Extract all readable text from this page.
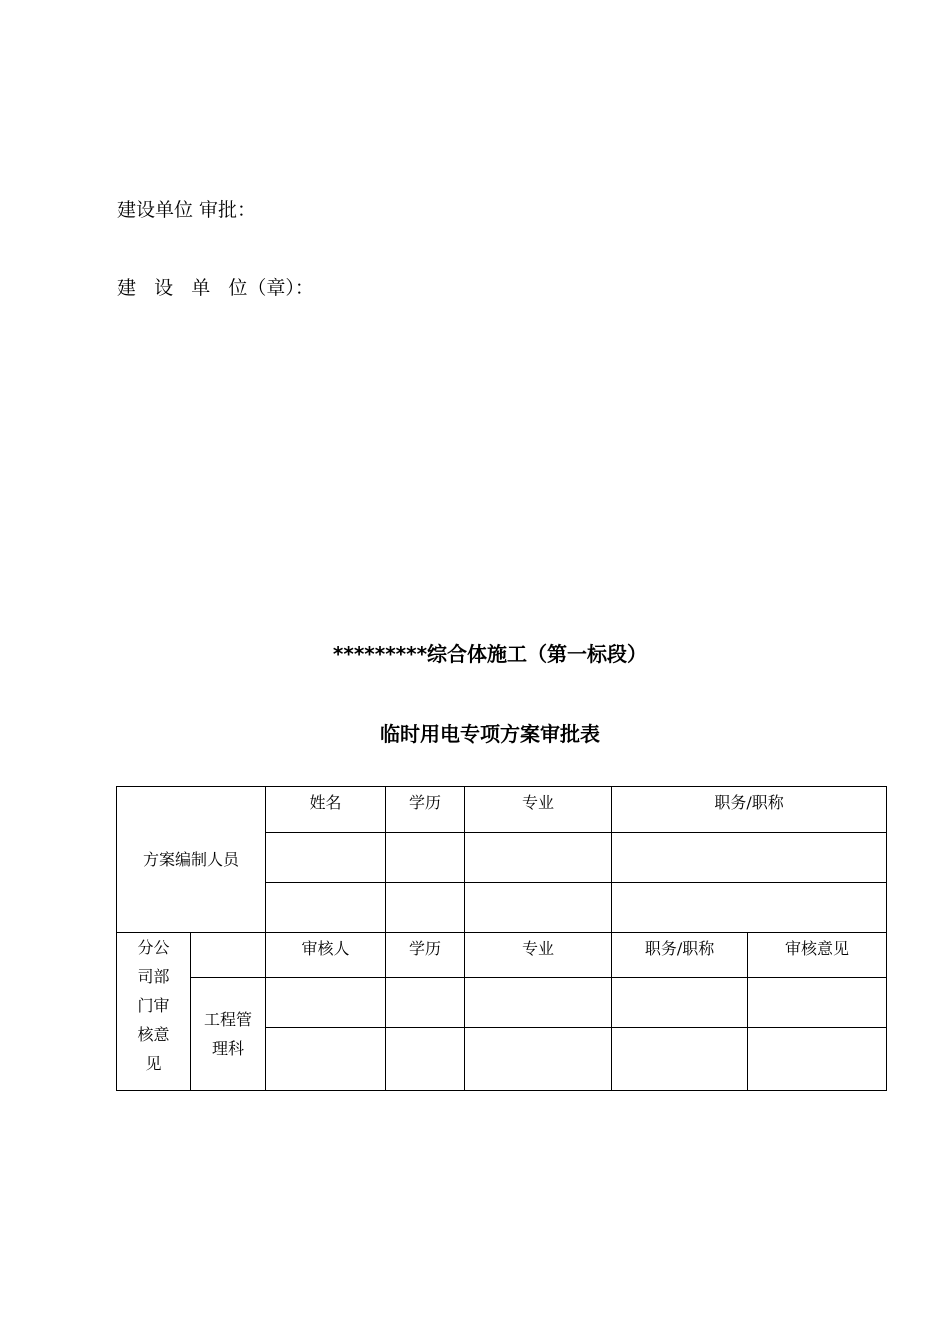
建设单位 审批：
建   设   单   位（章）：
*********综合体施工（第一标段）
临时用电专项方案审批表
方案编制人员		姓名	学历	专业	职务/职称	

分公
司部
门审
核意
见		审核人	学历	专业	职务/职称	审核意见

	工程管
理科					
